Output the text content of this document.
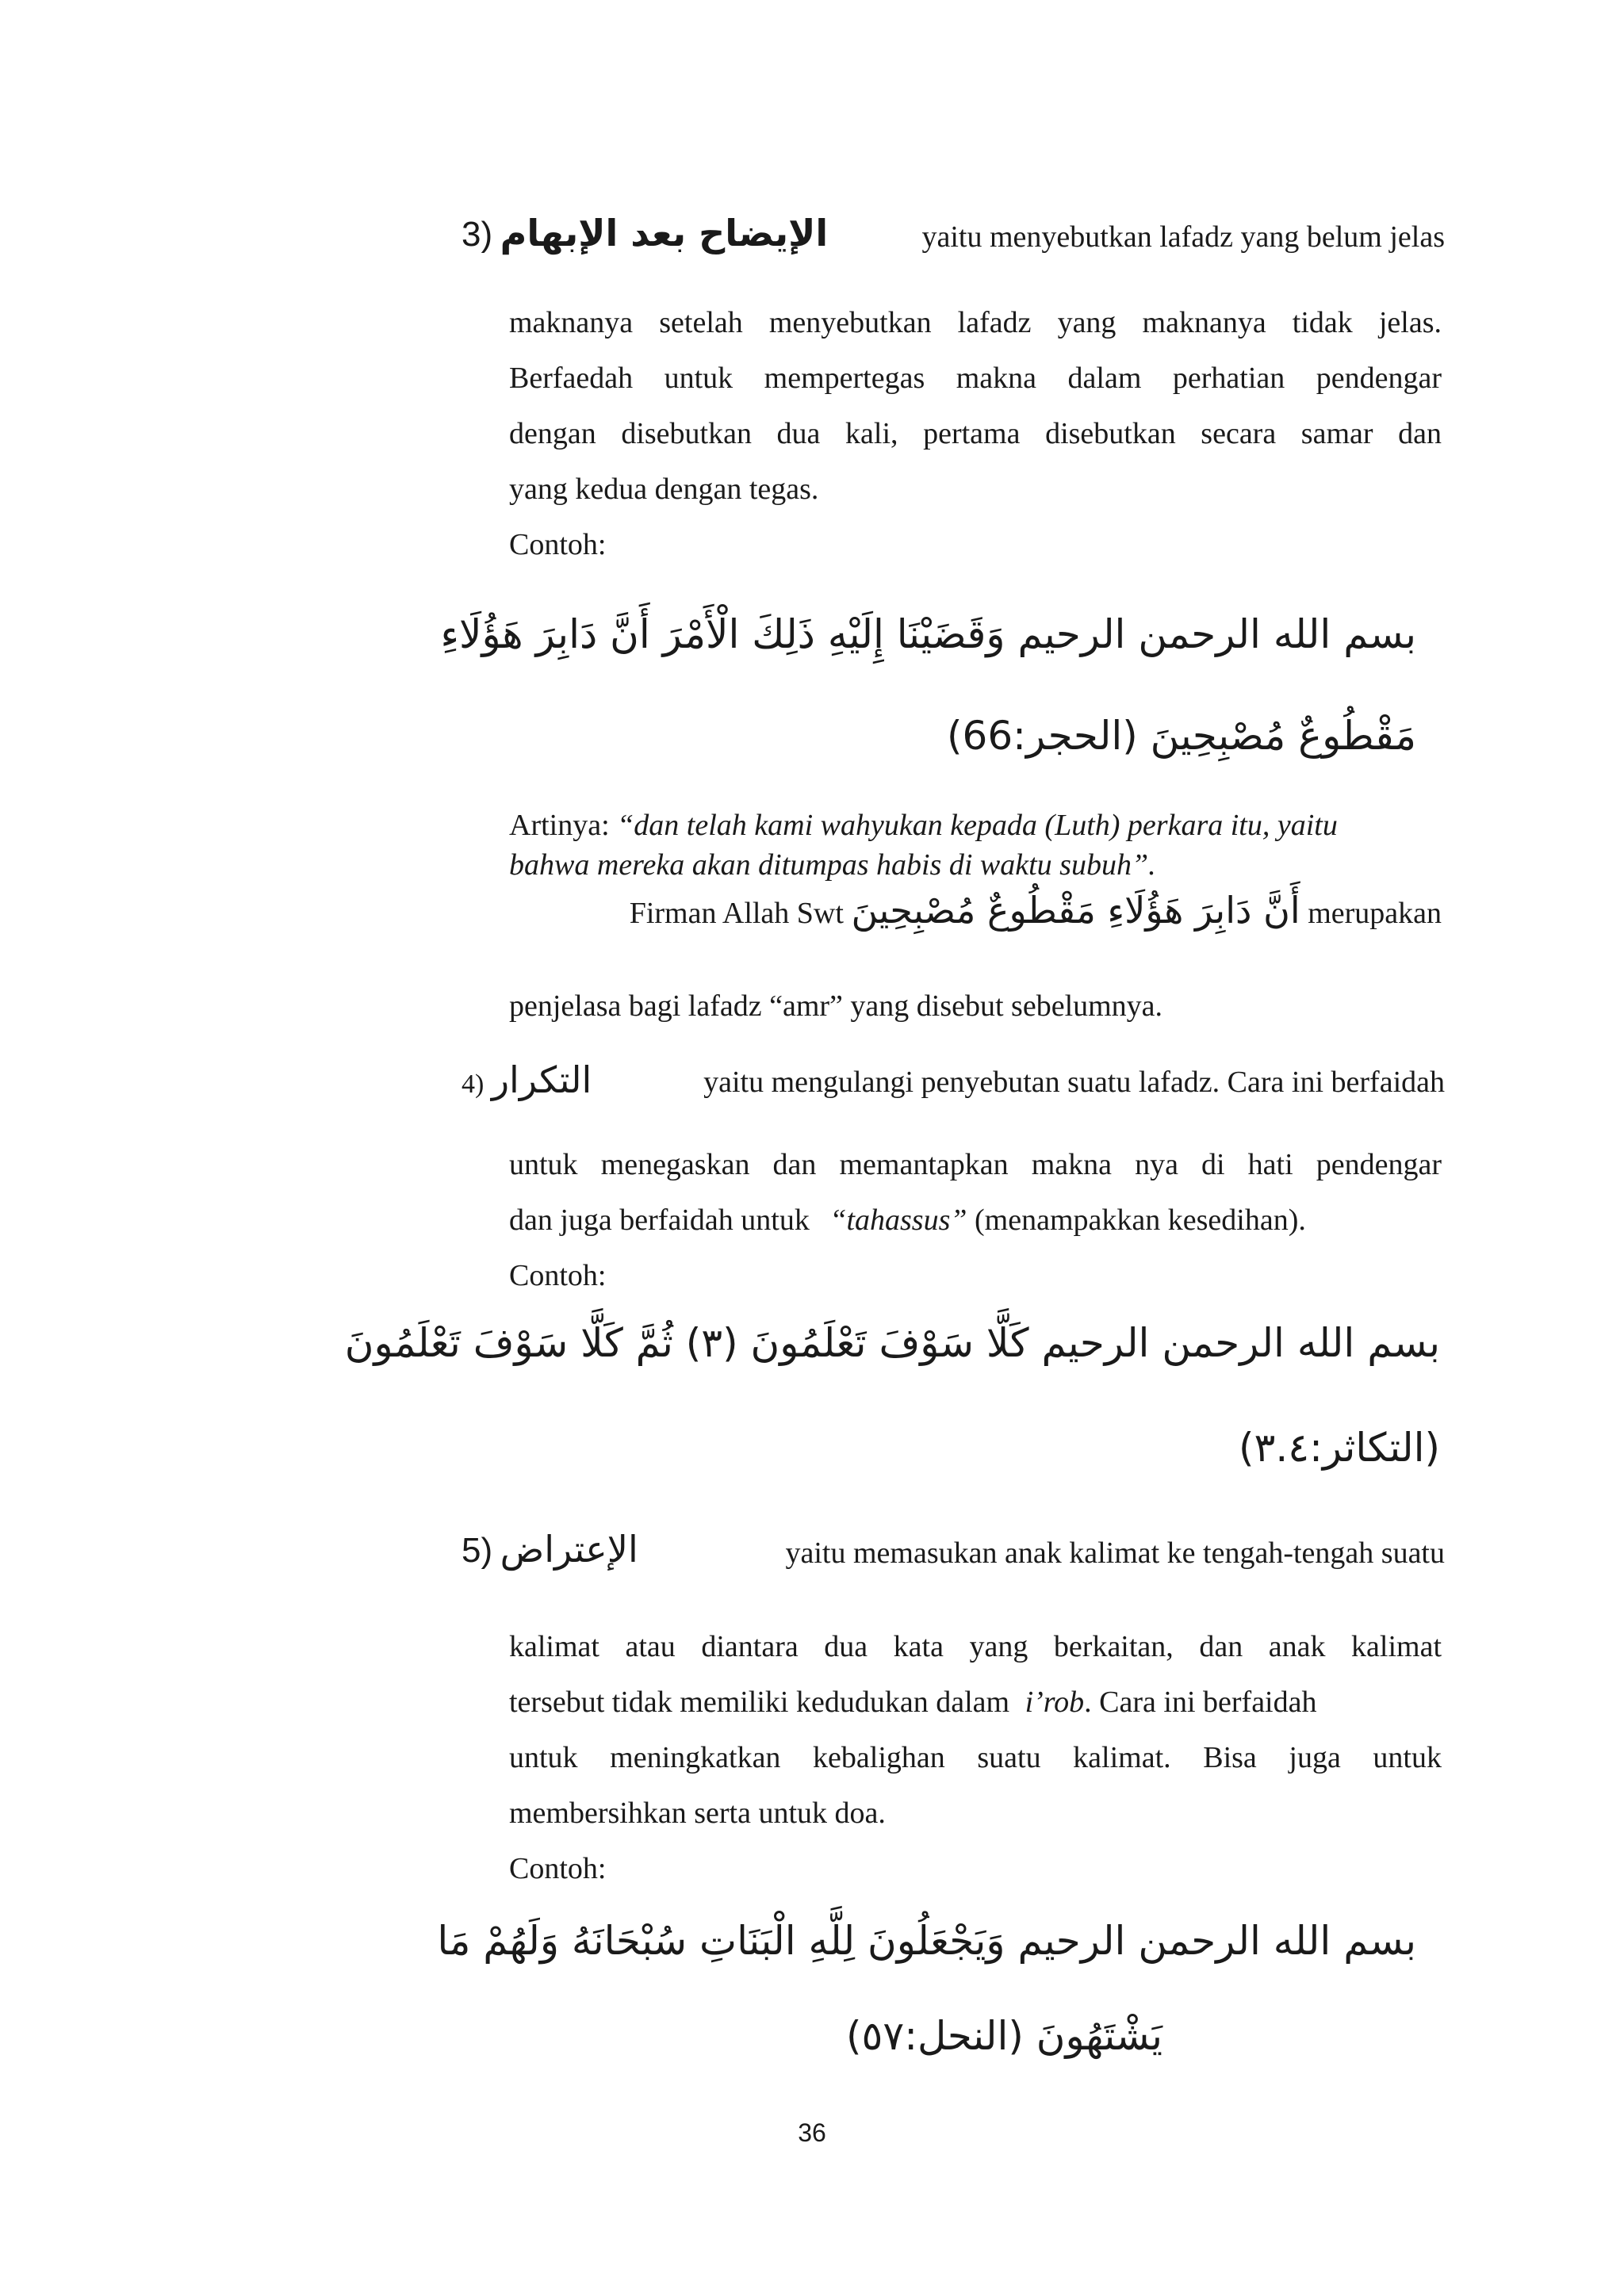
3) الإيضاح بعد الإبهام	yaitu menyebutkan lafadz yang belum jelas
maknanya setelah menyebutkan lafadz yang maknanya tidak jelas.
Berfaedah untuk mempertegas makna dalam perhatian pendengar
dengan disebutkan dua kali, pertama disebutkan secara samar dan
yang kedua dengan tegas.
Contoh:
بسم الله الرحمن الرحيم وَقَضَيْنَا إِلَيْهِ ذَلِكَ الْأَمْرَ أَنَّ دَابِرَ هَؤُلَاءِ
مَقْطُوعٌ مُصْبِحِينَ (الحجر:66)
Artinya: “dan telah kami wahyukan kepada (Luth) perkara itu, yaitu
bahwa mereka akan ditumpas habis di waktu subuh”.
Firman Allah Swt أَنَّ دَابِرَ هَؤُلَاءِ مَقْطُوعٌ مُصْبِحِينَ merupakan
penjelasa bagi lafadz “amr” yang disebut sebelumnya.
4) التكرار	yaitu mengulangi penyebutan suatu lafadz. Cara ini berfaidah
untuk menegaskan dan memantapkan makna nya di hati pendengar
dan juga berfaidah untuk “tahassus” (menampakkan kesedihan).
Contoh:
بسم الله الرحمن الرحيم كَلَّا سَوْفَ تَعْلَمُونَ (٣) ثُمَّ كَلَّا سَوْفَ تَعْلَمُونَ
(التكاثر:٣.٤)
5) الإعتراض	yaitu memasukan anak kalimat ke tengah-tengah suatu
kalimat atau diantara dua kata yang berkaitan, dan anak kalimat
tersebut tidak memiliki kedudukan dalam i’rob. Cara ini berfaidah
untuk meningkatkan kebalighan suatu kalimat. Bisa juga untuk
membersihkan serta untuk doa.
Contoh:
بسم الله الرحمن الرحيم وَيَجْعَلُونَ لِلَّهِ الْبَنَاتِ سُبْحَانَهُ وَلَهُمْ مَا
يَشْتَهُونَ (النحل:٥٧)
36
